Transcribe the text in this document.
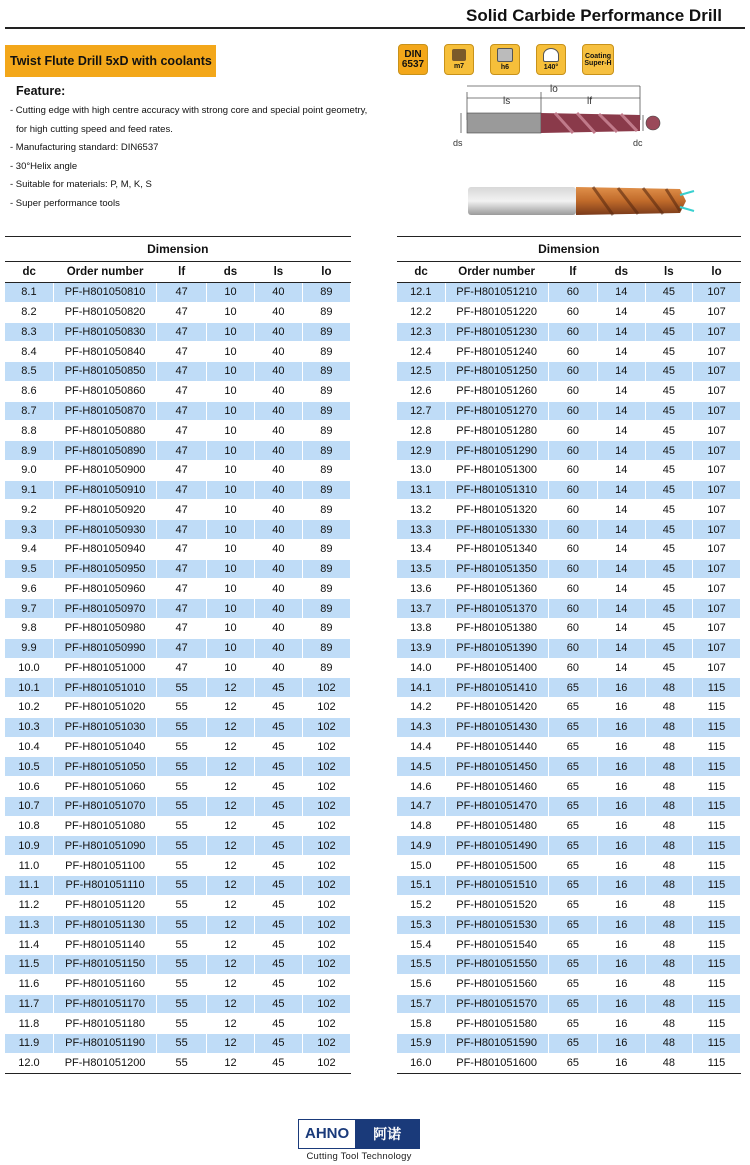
Solid Carbide Performance Drill
Twist Flute Drill 5xD with coolants
Feature:
- Cutting edge with high centre accuracy with strong core and special point geometry,
for high cutting speed and feed rates.
- Manufacturing standard: DIN6537
- 30°Helix angle
- Suitable for materials: P, M, K, S
- Super performance tools
DIN
6537	m7	h6	140°
Coating
Super-H
lo
ls	lf
ds	dc
Dimension					
dc	Order number	lf	ds	ls	lo
8.1	PF-H801050810	47	10	40	89
8.2	PF-H801050820	47	10	40	89
8.3	PF-H801050830	47	10	40	89
8.4	PF-H801050840	47	10	40	89
8.5	PF-H801050850	47	10	40	89
8.6	PF-H801050860	47	10	40	89
8.7	PF-H801050870	47	10	40	89
8.8	PF-H801050880	47	10	40	89
8.9	PF-H801050890	47	10	40	89
9.0	PF-H801050900	47	10	40	89
9.1	PF-H801050910	47	10	40	89
9.2	PF-H801050920	47	10	40	89
9.3	PF-H801050930	47	10	40	89
9.4	PF-H801050940	47	10	40	89
9.5	PF-H801050950	47	10	40	89
9.6	PF-H801050960	47	10	40	89
9.7	PF-H801050970	47	10	40	89
9.8	PF-H801050980	47	10	40	89
9.9	PF-H801050990	47	10	40	89
10.0	PF-H801051000	47	10	40	89
10.1	PF-H801051010	55	12	45	102
10.2	PF-H801051020	55	12	45	102
10.3	PF-H801051030	55	12	45	102
10.4	PF-H801051040	55	12	45	102
10.5	PF-H801051050	55	12	45	102
10.6	PF-H801051060	55	12	45	102
10.7	PF-H801051070	55	12	45	102
10.8	PF-H801051080	55	12	45	102
10.9	PF-H801051090	55	12	45	102
11.0	PF-H801051100	55	12	45	102
11.1	PF-H801051110	55	12	45	102
11.2	PF-H801051120	55	12	45	102
11.3	PF-H801051130	55	12	45	102
11.4	PF-H801051140	55	12	45	102
11.5	PF-H801051150	55	12	45	102
11.6	PF-H801051160	55	12	45	102
11.7	PF-H801051170	55	12	45	102
11.8	PF-H801051180	55	12	45	102
11.9	PF-H801051190	55	12	45	102
12.0	PF-H801051200	55	12	45	102
Dimension					
dc	Order number	lf	ds	ls	lo
12.1	PF-H801051210	60	14	45	107
12.2	PF-H801051220	60	14	45	107
12.3	PF-H801051230	60	14	45	107
12.4	PF-H801051240	60	14	45	107
12.5	PF-H801051250	60	14	45	107
12.6	PF-H801051260	60	14	45	107
12.7	PF-H801051270	60	14	45	107
12.8	PF-H801051280	60	14	45	107
12.9	PF-H801051290	60	14	45	107
13.0	PF-H801051300	60	14	45	107
13.1	PF-H801051310	60	14	45	107
13.2	PF-H801051320	60	14	45	107
13.3	PF-H801051330	60	14	45	107
13.4	PF-H801051340	60	14	45	107
13.5	PF-H801051350	60	14	45	107
13.6	PF-H801051360	60	14	45	107
13.7	PF-H801051370	60	14	45	107
13.8	PF-H801051380	60	14	45	107
13.9	PF-H801051390	60	14	45	107
14.0	PF-H801051400	60	14	45	107
14.1	PF-H801051410	65	16	48	115
14.2	PF-H801051420	65	16	48	115
14.3	PF-H801051430	65	16	48	115
14.4	PF-H801051440	65	16	48	115
14.5	PF-H801051450	65	16	48	115
14.6	PF-H801051460	65	16	48	115
14.7	PF-H801051470	65	16	48	115
14.8	PF-H801051480	65	16	48	115
14.9	PF-H801051490	65	16	48	115
15.0	PF-H801051500	65	16	48	115
15.1	PF-H801051510	65	16	48	115
15.2	PF-H801051520	65	16	48	115
15.3	PF-H801051530	65	16	48	115
15.4	PF-H801051540	65	16	48	115
15.5	PF-H801051550	65	16	48	115
15.6	PF-H801051560	65	16	48	115
15.7	PF-H801051570	65	16	48	115
15.8	PF-H801051580	65	16	48	115
15.9	PF-H801051590	65	16	48	115
16.0	PF-H801051600	65	16	48	115
AHNO	阿诺
Cutting Tool Technology
